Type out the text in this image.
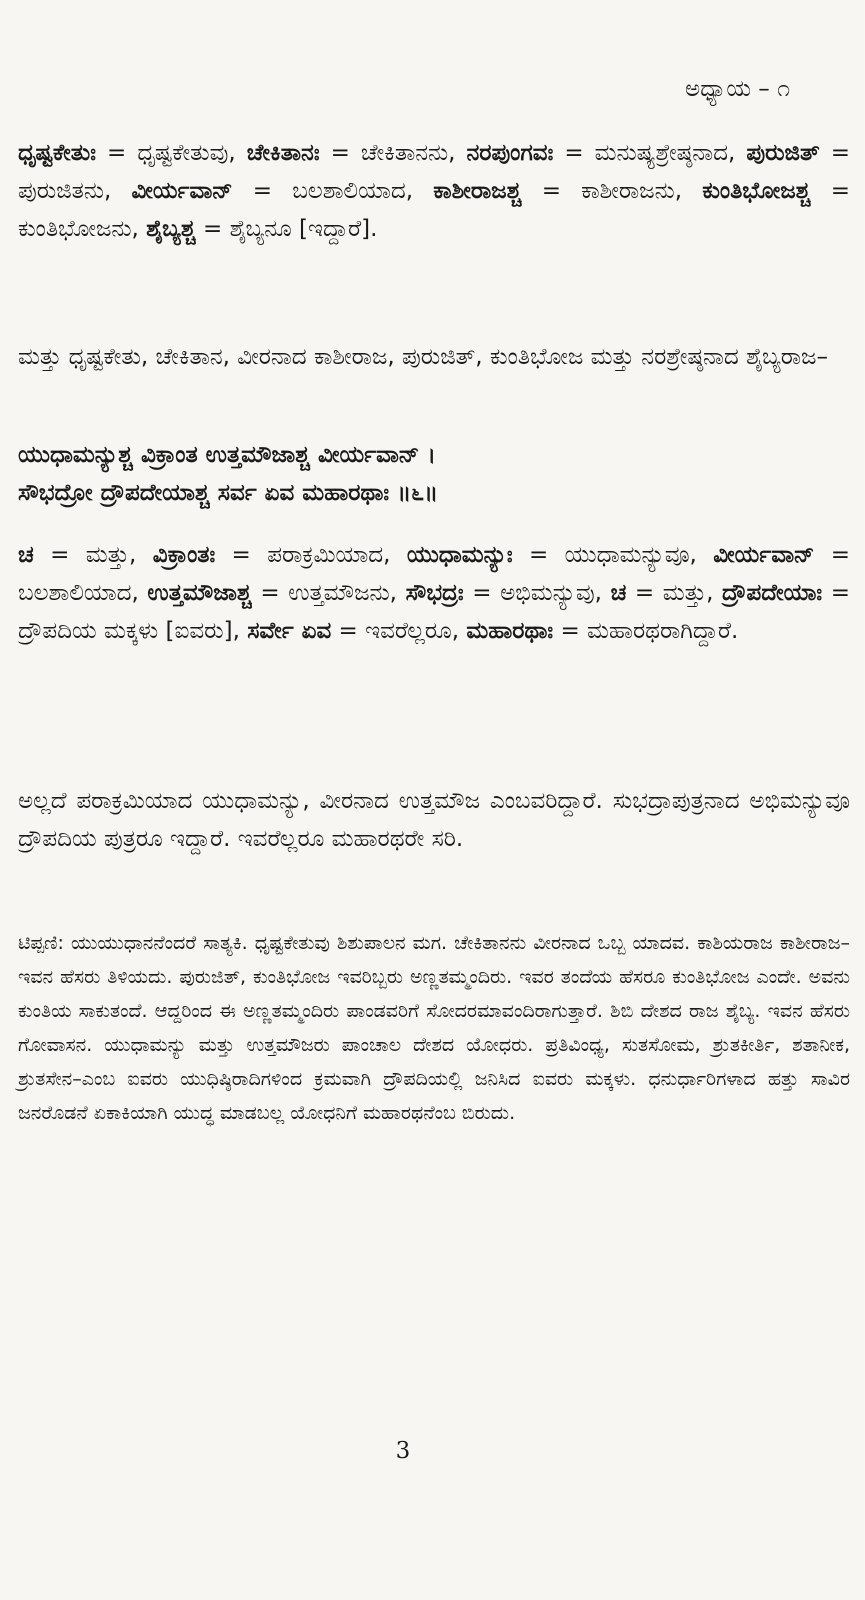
ಅಧ್ಯಾಯ – ೧
ಧೃಷ್ಟಕೇತುಃ = ಧೃಷ್ಟಕೇತುವು, ಚೇಕಿತಾನಃ = ಚೇಕಿತಾನನು, ನರಪುಂಗವಃ = ಮನುಷ್ಯಶ್ರೇಷ್ಠನಾದ, ಪುರುಜಿತ್ = ಪುರುಜಿತನು, ವೀರ್ಯವಾನ್ = ಬಲಶಾಲಿಯಾದ, ಕಾಶೀರಾಜಶ್ಚ = ಕಾಶೀರಾಜನು, ಕುಂತಿಭೋಜಶ್ಚ = ಕುಂತಿಭೋಜನು, ಶೈಬ್ಯಶ್ಚ = ಶೈಬ್ಯನೂ [ಇದ್ದಾರೆ].
ಮತ್ತು ಧೃಷ್ಟಕೇತು, ಚೇಕಿತಾನ, ವೀರನಾದ ಕಾಶೀರಾಜ, ಪುರುಜಿತ್, ಕುಂತಿಭೋಜ ಮತ್ತು ನರಶ್ರೇಷ್ಠನಾದ ಶೈಬ್ಯರಾಜ–
ಯುಧಾಮನ್ಯುಶ್ಚ ವಿಕ್ರಾಂತ ಉತ್ತಮೌಜಾಶ್ಚ ವೀರ್ಯವಾನ್ ।
ಸೌಭದ್ರೋ ದ್ರೌಪದೇಯಾಶ್ಚ ಸರ್ವ ಏವ ಮಹಾರಥಾಃ ॥೬॥
ಚ = ಮತ್ತು, ವಿಕ್ರಾಂತಃ = ಪರಾಕ್ರಮಿಯಾದ, ಯುಧಾಮನ್ಯುಃ = ಯುಧಾಮನ್ಯುವೂ, ವೀರ್ಯವಾನ್ = ಬಲಶಾಲಿಯಾದ, ಉತ್ತಮೌಜಾಶ್ಚ = ಉತ್ತಮೌಜನು, ಸೌಭದ್ರಃ = ಅಭಿಮನ್ಯುವು, ಚ = ಮತ್ತು, ದ್ರೌಪದೇಯಾಃ = ದ್ರೌಪದಿಯ ಮಕ್ಕಳು [ಐವರು], ಸರ್ವೇ ಏವ = ಇವರೆಲ್ಲರೂ, ಮಹಾರಥಾಃ = ಮಹಾರಥರಾಗಿದ್ದಾರೆ.
ಅಲ್ಲದೆ ಪರಾಕ್ರಮಿಯಾದ ಯುಧಾಮನ್ಯು, ವೀರನಾದ ಉತ್ತಮೌಜ ಎಂಬವರಿದ್ದಾರೆ. ಸುಭದ್ರಾಪುತ್ರನಾದ ಅಭಿಮನ್ಯುವೂ ದ್ರೌಪದಿಯ ಪುತ್ರರೂ ಇದ್ದಾರೆ. ಇವರೆಲ್ಲರೂ ಮಹಾರಥರೇ ಸರಿ.
ಟಿಪ್ಪಣಿ: ಯುಯುಧಾನನೆಂದರೆ ಸಾತ್ಯಕಿ. ಧೃಷ್ಟಕೇತುವು ಶಿಶುಪಾಲನ ಮಗ. ಚೇಕಿತಾನನು ವೀರನಾದ ಒಬ್ಬ ಯಾದವ. ಕಾಶಿಯರಾಜ ಕಾಶೀರಾಜ–ಇವನ ಹೆಸರು ತಿಳಿಯದು. ಪುರುಜಿತ್, ಕುಂತಿಭೋಜ ಇವರಿಬ್ಬರು ಅಣ್ಣತಮ್ಮಂದಿರು. ಇವರ ತಂದೆಯ ಹೆಸರೂ ಕುಂತಿಭೋಜ ಎಂದೇ. ಅವನು ಕುಂತಿಯ ಸಾಕುತಂದೆ. ಆದ್ದರಿಂದ ಈ ಅಣ್ಣತಮ್ಮಂದಿರು ಪಾಂಡವರಿಗೆ ಸೋದರಮಾವಂದಿರಾಗುತ್ತಾರೆ. ಶಿಬಿ ದೇಶದ ರಾಜ ಶೈಬ್ಯ. ಇವನ ಹೆಸರು ಗೋವಾಸನ. ಯುಧಾಮನ್ಯು ಮತ್ತು ಉತ್ತಮೌಜರು ಪಾಂಚಾಲ ದೇಶದ ಯೋಧರು. ಪ್ರತಿವಿಂಧ್ಯ, ಸುತಸೋಮ, ಶ್ರುತಕೀರ್ತಿ, ಶತಾನೀಕ, ಶ್ರುತಸೇನ–ಎಂಬ ಐವರು ಯುಧಿಷ್ಠಿರಾದಿಗಳಿಂದ ಕ್ರಮವಾಗಿ ದ್ರೌಪದಿಯಲ್ಲಿ ಜನಿಸಿದ ಐವರು ಮಕ್ಕಳು. ಧನುರ್ಧಾರಿಗಳಾದ ಹತ್ತು ಸಾವಿರ ಜನರೊಡನೆ ಏಕಾಕಿಯಾಗಿ ಯುದ್ಧ ಮಾಡಬಲ್ಲ ಯೋಧನಿಗೆ ಮಹಾರಥನೆಂಬ ಬಿರುದು.
3
